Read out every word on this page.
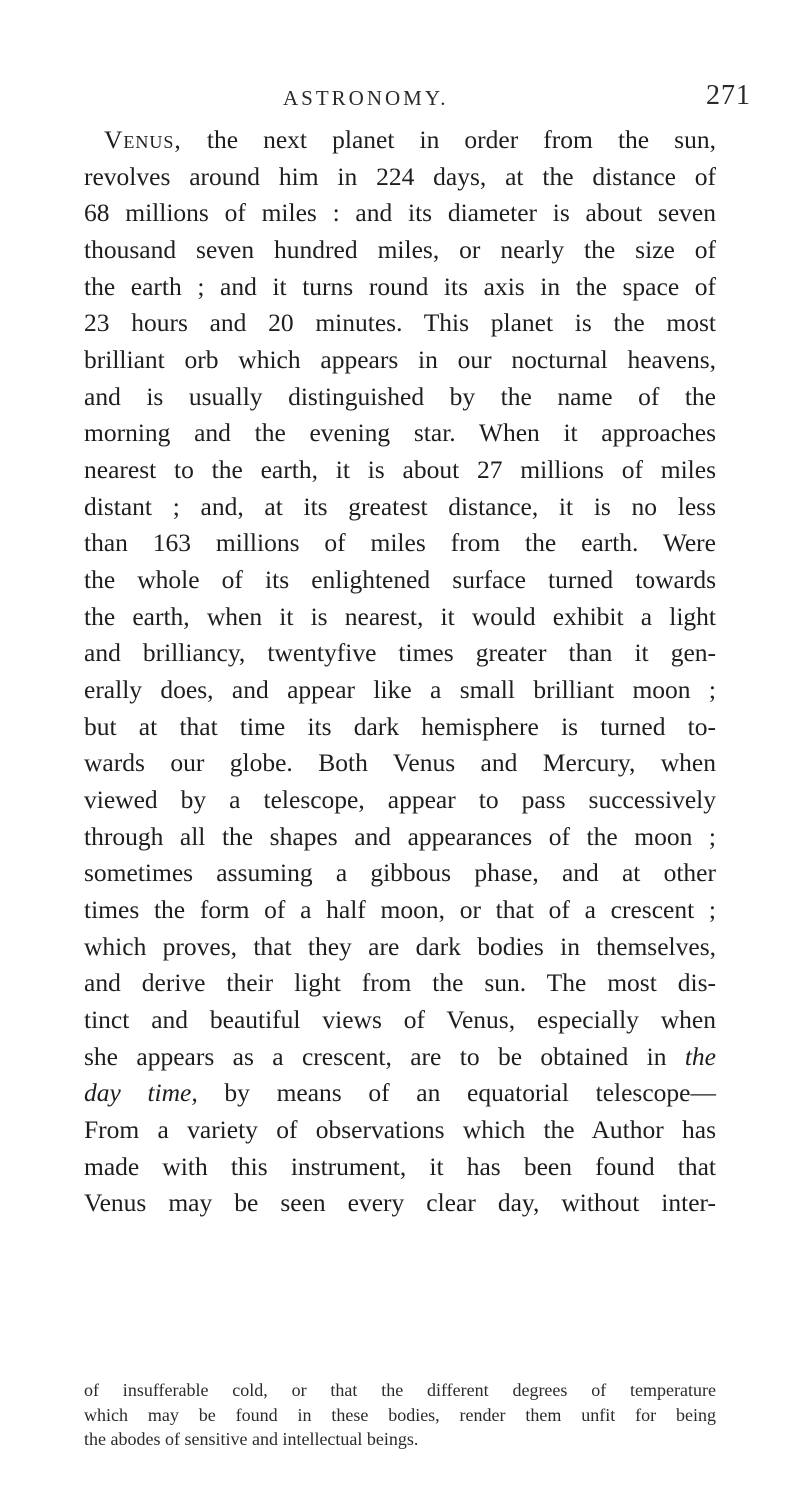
ASTRONOMY.	271
Venus, the next planet in order from the sun,
revolves around him in 224 days, at the distance of
68 millions of miles : and its diameter is about seven
thousand seven hundred miles, or nearly the size of
the earth ; and it turns round its axis in the space of
23 hours and 20 minutes. This planet is the most
brilliant orb which appears in our nocturnal heavens,
and is usually distinguished by the name of the
morning and the evening star. When it approaches
nearest to the earth, it is about 27 millions of miles
distant ; and, at its greatest distance, it is no less
than 163 millions of miles from the earth. Were
the whole of its enlightened surface turned towards
the earth, when it is nearest, it would exhibit a light
and brilliancy, twentyfive times greater than it gen-
erally does, and appear like a small brilliant moon ;
but at that time its dark hemisphere is turned to-
wards our globe. Both Venus and Mercury, when
viewed by a telescope, appear to pass successively
through all the shapes and appearances of the moon ;
sometimes assuming a gibbous phase, and at other
times the form of a half moon, or that of a crescent ;
which proves, that they are dark bodies in themselves,
and derive their light from the sun. The most dis-
tinct and beautiful views of Venus, especially when
she appears as a crescent, are to be obtained in the
day time, by means of an equatorial telescope—
From a variety of observations which the Author has
made with this instrument, it has been found that
Venus may be seen every clear day, without inter-
of insufferable cold, or that the different degrees of temperature
which may be found in these bodies, render them unfit for being
the abodes of sensitive and intellectual beings.
